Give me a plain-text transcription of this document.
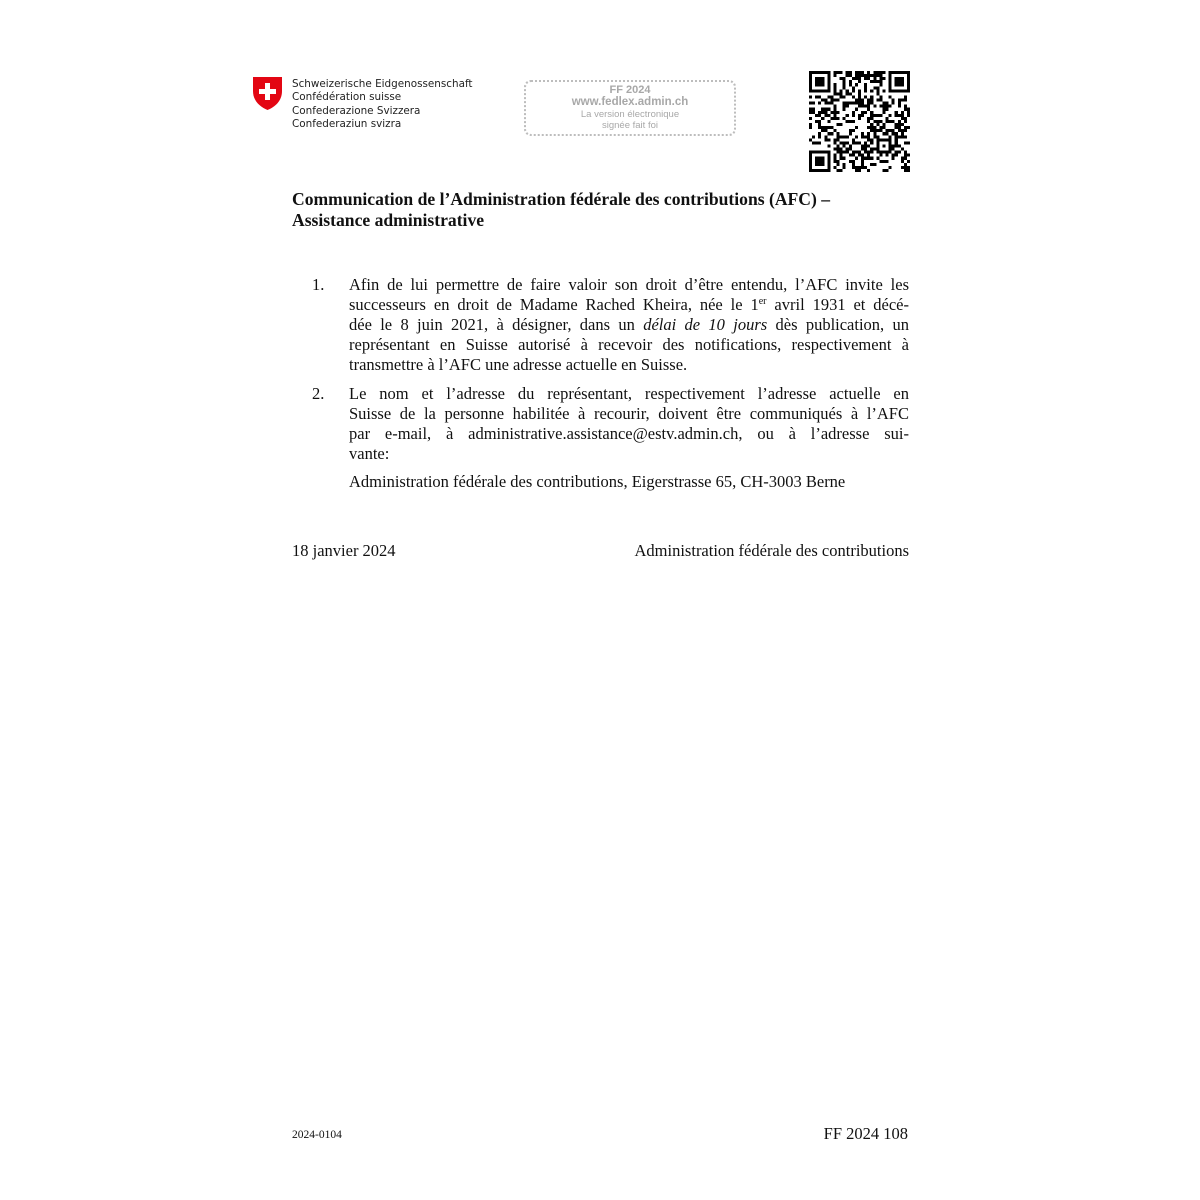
Schweizerische Eidgenossenschaft
Confédération suisse
Confederazione Svizzera
Confederaziun svizra
FF 2024
www.fedlex.admin.ch
La version électronique
signée fait foi
Communication de l’Administration fédérale des contributions (AFC) –
Assistance administrative
1. Afin de lui permettre de faire valoir son droit d’être entendu, l’AFC invite les
successeurs en droit de Madame Rached Kheira, née le 1er avril 1931 et décé-
dée le 8 juin 2021, à désigner, dans un délai de 10 jours dès publication, un
représentant en Suisse autorisé à recevoir des notifications, respectivement à
transmettre à l’AFC une adresse actuelle en Suisse.
2. Le nom et l’adresse du représentant, respectivement l’adresse actuelle en
Suisse de la personne habilitée à recourir, doivent être communiqués à l’AFC
par e-mail, à administrative.assistance@estv.admin.ch, ou à l’adresse sui-
vante:
Administration fédérale des contributions, Eigerstrasse 65, CH-3003 Berne
18 janvier 2024	Administration fédérale des contributions
2024-0104	FF 2024 108
